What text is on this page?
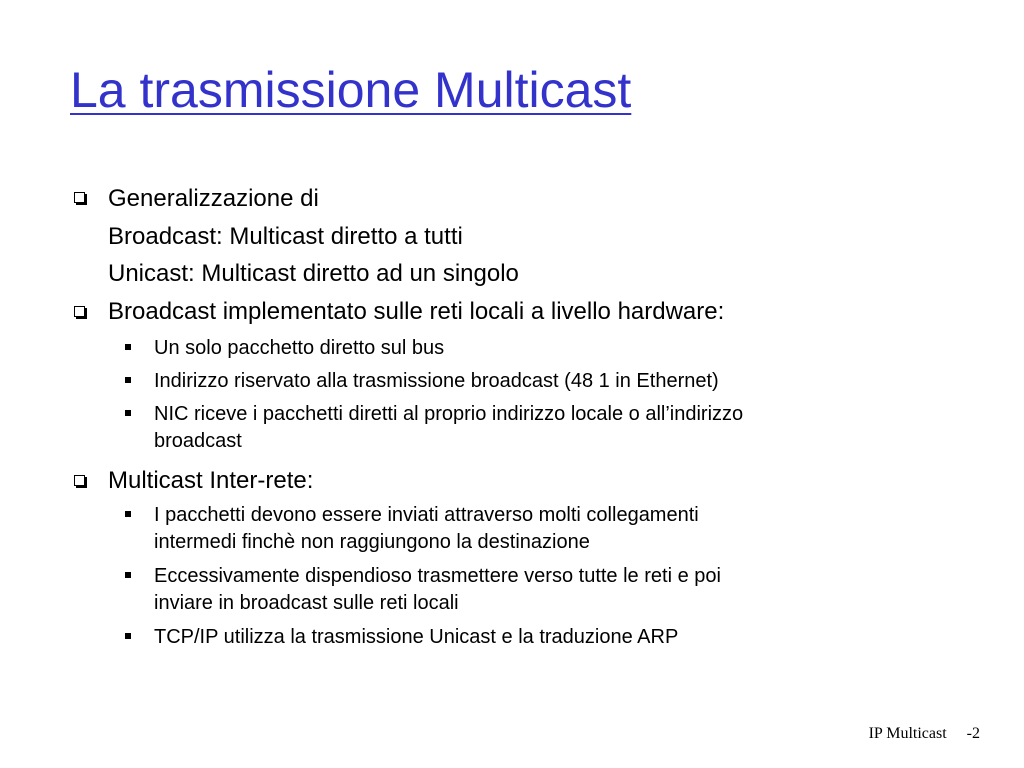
La trasmissione Multicast
Generalizzazione di
Broadcast: Multicast diretto a tutti
Unicast: Multicast diretto ad un singolo
Broadcast implementato sulle reti locali a livello hardware:
Un solo pacchetto diretto sul bus
Indirizzo riservato alla trasmissione broadcast (48 1 in Ethernet)
NIC riceve i pacchetti diretti al proprio indirizzo locale o all’indirizzo
broadcast
Multicast Inter-rete:
I pacchetti devono essere inviati attraverso molti collegamenti
intermedi finchè non raggiungono la destinazione
Eccessivamente dispendioso trasmettere verso tutte le reti e poi
inviare in broadcast sulle reti locali
TCP/IP utilizza la trasmissione Unicast e la traduzione ARP
IP Multicast -2
